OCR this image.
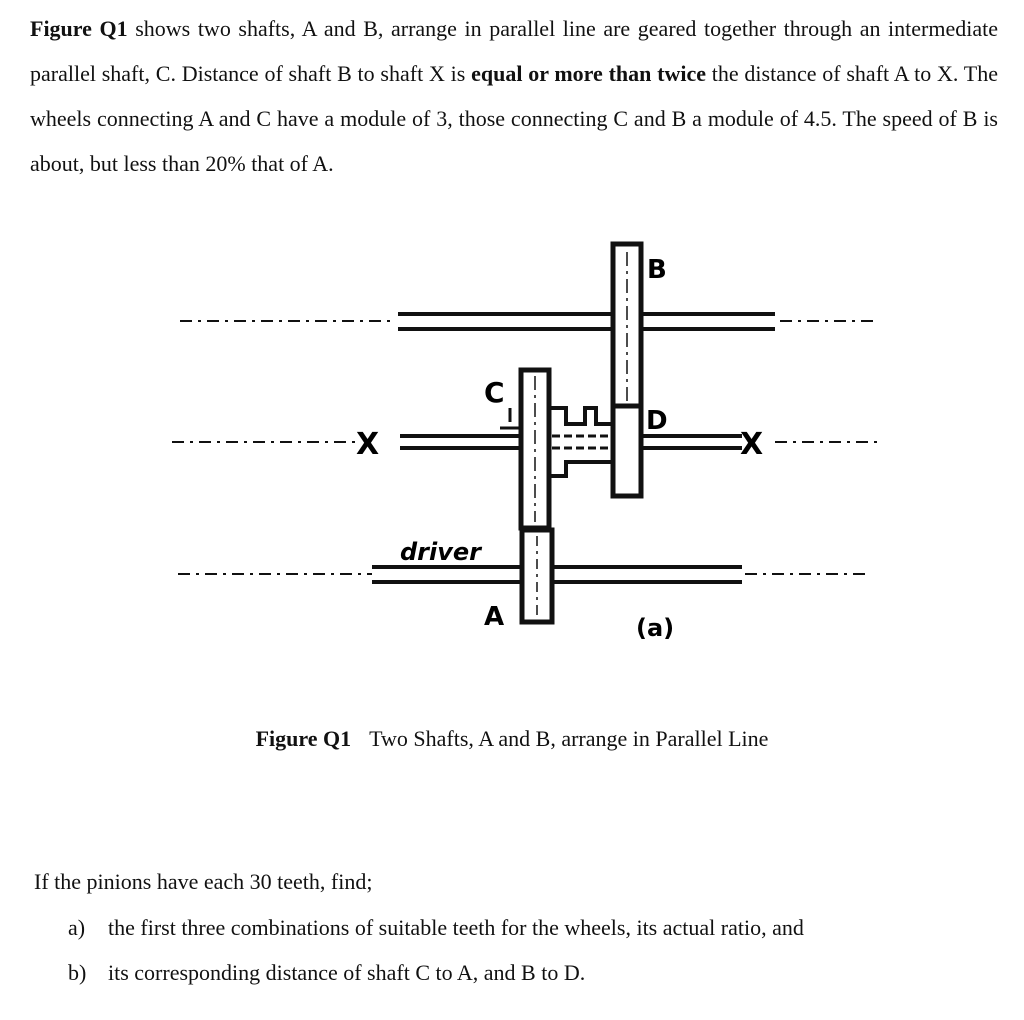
Figure Q1 shows two shafts, A and B, arrange in parallel line are geared together through an intermediate parallel shaft, C. Distance of shaft B to shaft X is equal or more than twice the distance of shaft A to X. The wheels connecting A and C have a module of 3, those connecting C and B a module of 4.5. The speed of B is about, but less than 20% that of A.
B
C
D
X	X
driver
A	(a)
Figure Q1 Two Shafts, A and B, arrange in Parallel Line

If the pinions have each 30 teeth, find;

a)	the first three combinations of suitable teeth for the wheels, its actual ratio, and
b) its corresponding distance of shaft C to A, and B to D.
